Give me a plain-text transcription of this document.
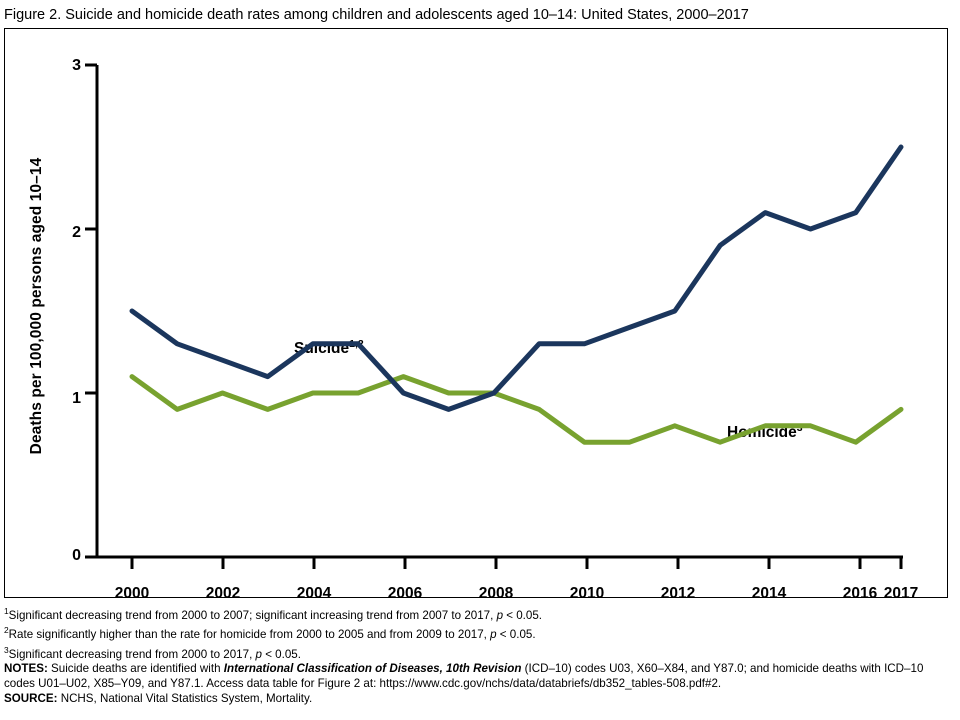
Figure 2. Suicide and homicide death rates among children and adolescents aged 10–14: United States, 2000–2017
Deaths per 100,000 persons aged 10–14
3
2
1
0
2000	2002	2004	2006	2008	2010	2012	2014	2016 2017
Suicide$^{1,2}$
Homicide$^3$
$^1$Significant decreasing trend from 2000 to 2007; significant increasing trend from 2007 to 2017, p < 0.05.
$^2$Rate significantly higher than the rate for homicide from 2000 to 2005 and from 2009 to 2017, p < 0.05.
$^3$Significant decreasing trend from 2000 to 2017, p < 0.05.
NOTES: Suicide deaths are identified with International Classification of Diseases, 10th Revision (ICD–10) codes U03, X60–X84, and Y87.0; and homicide deaths with ICD–10 codes U01–U02, X85–Y09, and Y87.1. Access data table for Figure 2 at: https://www.cdc.gov/nchs/data/databriefs/db352_tables-508.pdf#2.
SOURCE: NCHS, National Vital Statistics System, Mortality.
